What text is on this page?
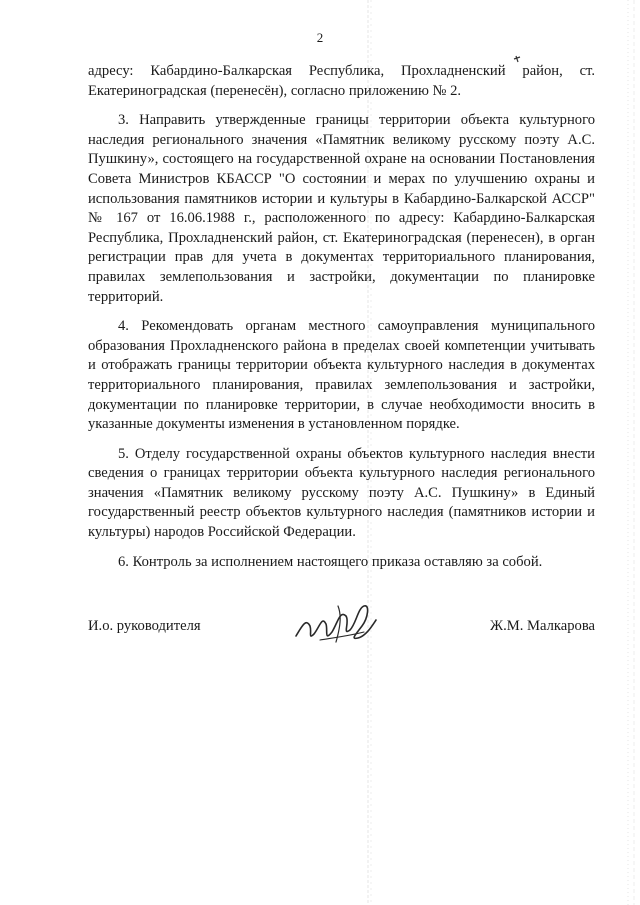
2

адресу: Кабардино-Балкарская Республика, Прохладненский район, ст. Екатериноградская (перенесён), согласно приложению № 2.

3. Направить утвержденные границы территории объекта культурного наследия регионального значения «Памятник великому русскому поэту А.С. Пушкину», состоящего на государственной охране на основании Постановления Совета Министров КБАССР "О состоянии и мерах по улучшению охраны и использования памятников истории и культуры в Кабардино-Балкарской АССР" № 167 от 16.06.1988 г., расположенного по адресу: Кабардино-Балкарская Республика, Прохладненский район, ст. Екатериноградская (перенесен), в орган регистрации прав для учета в документах территориального планирования, правилах землепользования и застройки, документации по планировке территорий.

4. Рекомендовать органам местного самоуправления муниципального образования Прохладненского района в пределах своей компетенции учитывать и отображать границы территории объекта культурного наследия в документах территориального планирования, правилах землепользования и застройки, документации по планировке территории, в случае необходимости вносить в указанные документы изменения в установленном порядке.

5. Отделу государственной охраны объектов культурного наследия внести сведения о границах территории объекта культурного наследия регионального значения «Памятник великому русскому поэту А.С. Пушкину» в Единый государственный реестр объектов культурного наследия (памятников истории и культуры) народов Российской Федерации.

6. Контроль за исполнением настоящего приказа оставляю за собой.

И.о. руководителя	Ж.М. Малкарова
